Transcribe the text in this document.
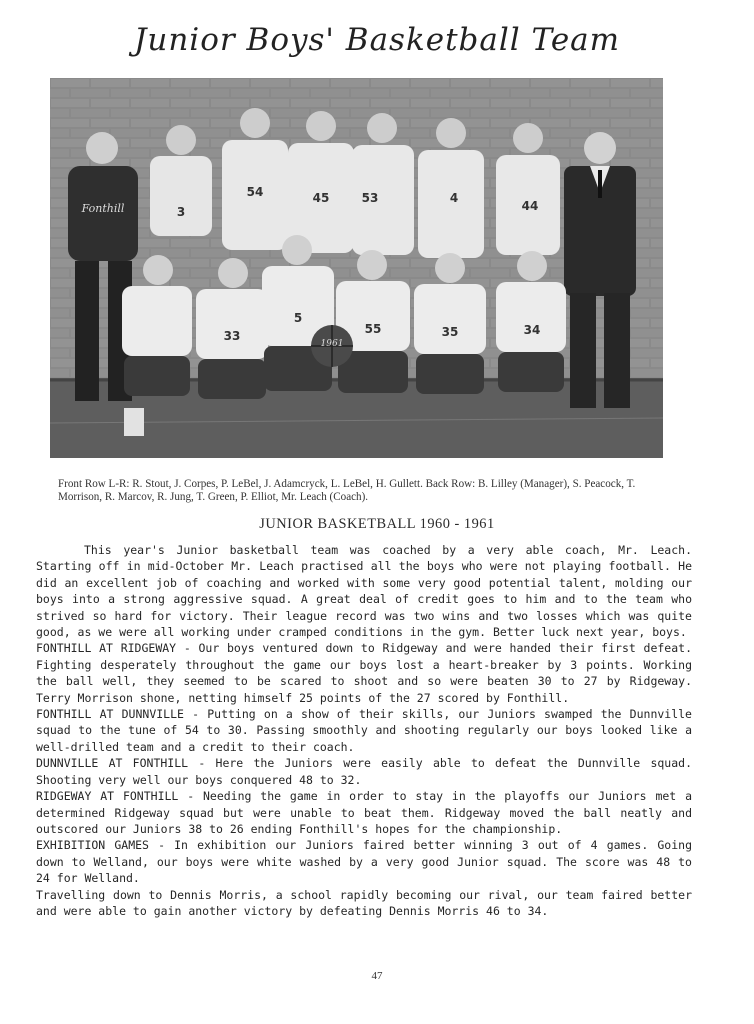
Junior Boys' Basketball Team
Fonthill	3
54	45	53	4
44
33
5
55	35	34
1961
Front Row L-R: R. Stout, J. Corpes, P. LeBel, J. Adamcryck, L. LeBel, H. Gullett. Back Row: B. Lilley (Manager), S. Peacock, T. Morrison, R. Marcov, R. Jung, T. Green, P. Elliot, Mr. Leach (Coach).
JUNIOR BASKETBALL 1960 - 1961

This year's Junior basketball team was coached by a very able coach, Mr. Leach. Starting off in mid-October Mr. Leach practised all the boys who were not playing football. He did an excellent job of coaching and worked with some very good potential talent, molding our boys into a strong aggressive squad. A great deal of credit goes to him and to the team who strived so hard for victory. Their league record was two wins and two losses which was quite good, as we were all working under cramped conditions in the gym. Better luck next year, boys.

FONTHILL AT RIDGEWAY - Our boys ventured down to Ridgeway and were handed their first defeat. Fighting desperately throughout the game our boys lost a heart-breaker by 3 points. Working the ball well, they seemed to be scared to shoot and so were beaten 30 to 27 by Ridgeway. Terry Morrison shone, netting himself 25 points of the 27 scored by Fonthill.

FONTHILL AT DUNNVILLE - Putting on a show of their skills, our Juniors swamped the Dunnville squad to the tune of 54 to 30. Passing smoothly and shooting regularly our boys looked like a well-drilled team and a credit to their coach.

DUNNVILLE AT FONTHILL - Here the Juniors were easily able to defeat the Dunnville squad. Shooting very well our boys conquered 48 to 32.

RIDGEWAY AT FONTHILL - Needing the game in order to stay in the playoffs our Juniors met a determined Ridgeway squad but were unable to beat them. Ridgeway moved the ball neatly and outscored our Juniors 38 to 26 ending Fonthill's hopes for the championship.

EXHIBITION GAMES - In exhibition our Juniors faired better winning 3 out of 4 games. Going down to Welland, our boys were white washed by a very good Junior squad. The score was 48 to 24 for Welland.

Travelling down to Dennis Morris, a school rapidly becoming our rival, our team faired better and were able to gain another victory by defeating Dennis Morris 46 to 34.

47
